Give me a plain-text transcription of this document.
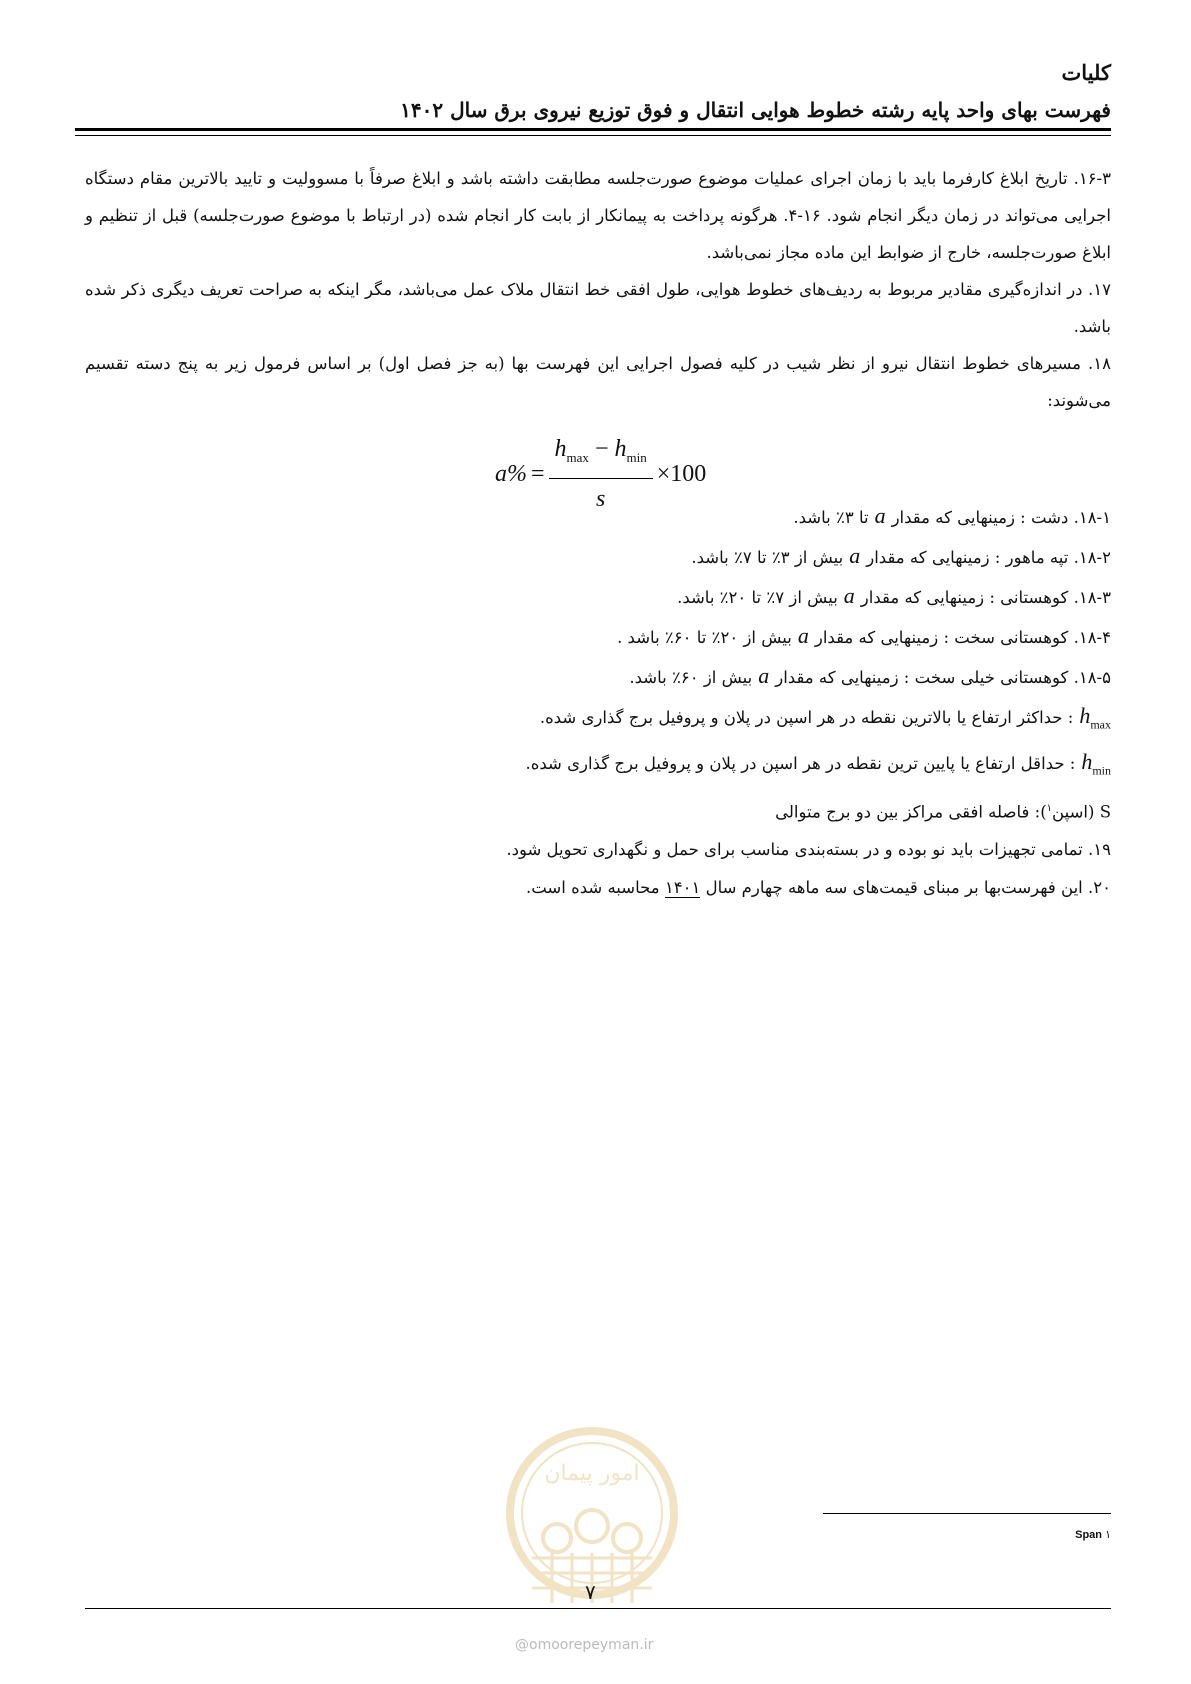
کلیات
فهرست بهای واحد پایه رشته خطوط هوایی انتقال و فوق توزیع نیروی برق سال ۱۴۰۲

۱۶-۳. تاریخ ابلاغ کارفرما باید با زمان اجرای عملیات موضوع صورت‌جلسه مطابقت داشته باشد و ابلاغ صرفاً با مسوولیت و تایید بالاترین مقام دستگاه اجرایی می‌تواند در زمان دیگر انجام شود. ۱۶-۴. هرگونه پرداخت به پیمانکار از بابت کار انجام شده (در ارتباط با موضوع صورت‌جلسه) قبل از تنظیم و ابلاغ صورت‌جلسه، خارج از ضوابط این ماده مجاز نمی‌باشد.

۱۷. در اندازه‌گیری مقادیر مربوط به ردیف‌های خطوط هوایی، طول افقی خط انتقال ملاک عمل می‌باشد، مگر اینکه به صراحت تعریف دیگری ذکر شده باشد.

۱۸. مسیرهای خطوط انتقال نیرو از نظر شیب در کلیه فصول اجرایی این فهرست بها (به جز فصل اول) بر اساس فرمول زیر به پنج دسته تقسیم می‌شوند:

$a\% = \frac{h_{max} - h_{min}}{s} \times 100$
۱۸-۱. دشت : زمینهایی که مقدارaتا ۳٪ باشد.
۱۸-۲. تپه ماهور : زمینهایی که مقدارaبیش از ۳٪ تا ۷٪ باشد.
۱۸-۳. کوهستانی : زمینهایی که مقدارaبیش از ۷٪ تا ۲۰٪ باشد.
۱۸-۴. کوهستانی سخت : زمینهایی که مقدارaبیش از ۲۰٪ تا ۶۰٪ باشد .
۱۸-۵. کوهستانی خیلی سخت : زمینهایی که مقدارaبیش از ۶۰٪ باشد.
$h_{max}$: حداکثر ارتفاع یا بالاترین نقطه در هر اسپن در پلان و پروفیل برج گذاری شده.
$h_{min}$: حداقل ارتفاع یا پایین ترین نقطه در هر اسپن در پلان و پروفیل برج گذاری شده.
S (اسپن$^۱$): فاصله افقی مراکز بین دو برج متوالی
۱۹. تمامی تجهیزات باید نو بوده و در بسته‌بندی مناسب برای حمل و نگهداری تحویل شود.
۲۰. این فهرست‌بها بر مبنای قیمت‌های سه ماهه چهارم سال ۱۴۰۱ محاسبه شده است.
۱ Span
امور پیمان
۷
@omoorepeyman.ir
